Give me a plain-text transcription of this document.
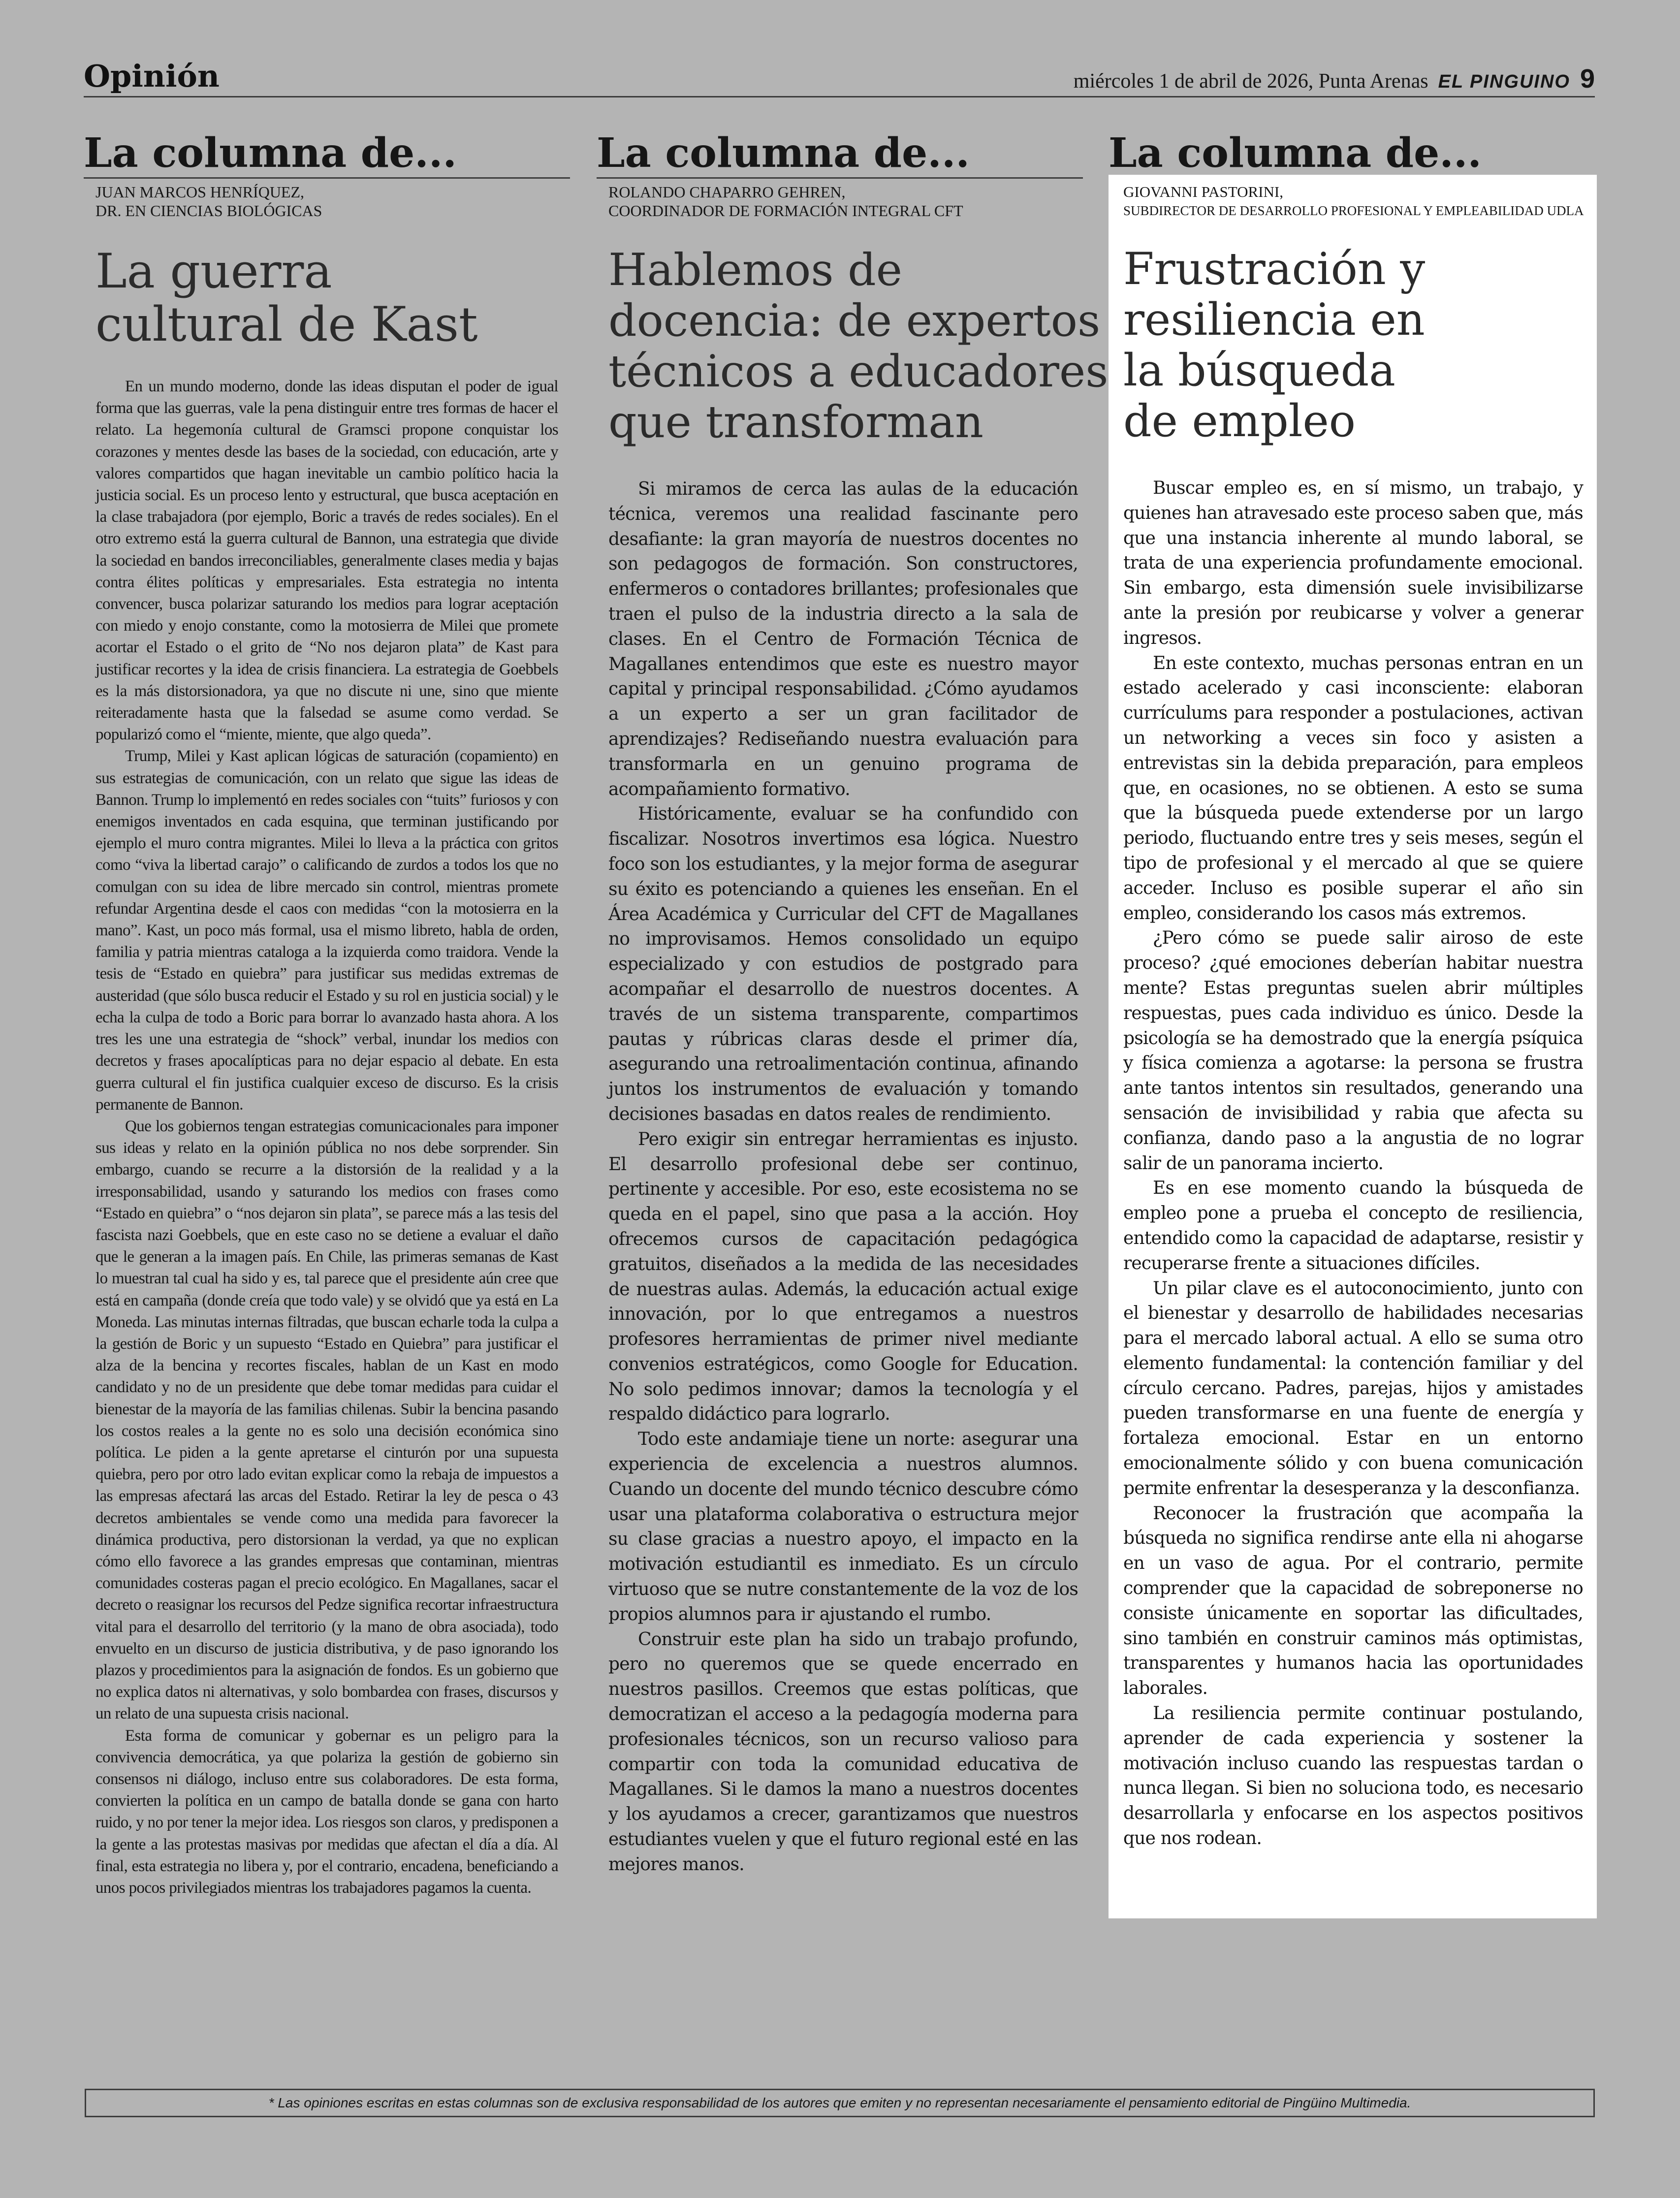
Opinión	miércoles 1 de abril de 2026, Punta Arenas EL PINGUINO 9
La columna de...
JUAN MARCOS HENRÍQUEZ,
DR. EN CIENCIAS BIOLÓGICAS
La guerra
cultural de Kast

En un mundo moderno, donde las ideas disputan el poder de igual forma que las guerras, vale la pena distinguir entre tres formas de hacer el relato. La hegemonía cultural de Gramsci propone conquistar los corazones y mentes desde las bases de la sociedad, con educación, arte y valores compartidos que hagan inevitable un cambio político hacia la justicia social. Es un proceso lento y estructural, que busca aceptación en la clase trabajadora (por ejemplo, Boric a través de redes sociales). En el otro extremo está la guerra cultural de Bannon, una estrategia que divide la sociedad en bandos irreconciliables, generalmente clases media y bajas contra élites políticas y empresariales. Esta estrategia no intenta convencer, busca polarizar saturando los medios para lograr aceptación con miedo y enojo constante, como la motosierra de Milei que promete acortar el Estado o el grito de “No nos dejaron plata” de Kast para justificar recortes y la idea de crisis financiera. La estrategia de Goebbels es la más distorsionadora, ya que no discute ni une, sino que miente reiteradamente hasta que la falsedad se asume como verdad. Se popularizó como el “miente, miente, que algo queda”.

Trump, Milei y Kast aplican lógicas de saturación (copamiento) en sus estrategias de comunicación, con un relato que sigue las ideas de Bannon. Trump lo implementó en redes sociales con “tuits” furiosos y con enemigos inventados en cada esquina, que terminan justificando por ejemplo el muro contra migrantes. Milei lo lleva a la práctica con gritos como “viva la libertad carajo” o calificando de zurdos a todos los que no comulgan con su idea de libre mercado sin control, mientras promete refundar Argentina desde el caos con medidas “con la motosierra en la mano”. Kast, un poco más formal, usa el mismo libreto, habla de orden, familia y patria mientras cataloga a la izquierda como traidora. Vende la tesis de “Estado en quiebra” para justificar sus medidas extremas de austeridad (que sólo busca reducir el Estado y su rol en justicia social) y le echa la culpa de todo a Boric para borrar lo avanzado hasta ahora. A los tres les une una estrategia de “shock” verbal, inundar los medios con decretos y frases apocalípticas para no dejar espacio al debate. En esta guerra cultural el fin justifica cualquier exceso de discurso. Es la crisis permanente de Bannon.

Que los gobiernos tengan estrategias comunicacionales para imponer sus ideas y relato en la opinión pública no nos debe sorprender. Sin embargo, cuando se recurre a la distorsión de la realidad y a la irresponsabilidad, usando y saturando los medios con frases como “Estado en quiebra” o “nos dejaron sin plata”, se parece más a las tesis del fascista nazi Goebbels, que en este caso no se detiene a evaluar el daño que le generan a la imagen país. En Chile, las primeras semanas de Kast lo muestran tal cual ha sido y es, tal parece que el presidente aún cree que está en campaña (donde creía que todo vale) y se olvidó que ya está en La Moneda. Las minutas internas filtradas, que buscan echarle toda la culpa a la gestión de Boric y un supuesto “Estado en Quiebra” para justificar el alza de la bencina y recortes fiscales, hablan de un Kast en modo candidato y no de un presidente que debe tomar medidas para cuidar el bienestar de la mayoría de las familias chilenas. Subir la bencina pasando los costos reales a la gente no es solo una decisión económica sino política. Le piden a la gente apretarse el cinturón por una supuesta quiebra, pero por otro lado evitan explicar como la rebaja de impuestos a las empresas afectará las arcas del Estado. Retirar la ley de pesca o 43 decretos ambientales se vende como una medida para favorecer la dinámica productiva, pero distorsionan la verdad, ya que no explican cómo ello favorece a las grandes empresas que contaminan, mientras comunidades costeras pagan el precio ecológico. En Magallanes, sacar el decreto o reasignar los recursos del Pedze significa recortar infraestructura vital para el desarrollo del territorio (y la mano de obra asociada), todo envuelto en un discurso de justicia distributiva, y de paso ignorando los plazos y procedimientos para la asignación de fondos. Es un gobierno que no explica datos ni alternativas, y solo bombardea con frases, discursos y un relato de una supuesta crisis nacional.

Esta forma de comunicar y gobernar es un peligro para la convivencia democrática, ya que polariza la gestión de gobierno sin consensos ni diálogo, incluso entre sus colaboradores. De esta forma, convierten la política en un campo de batalla donde se gana con harto ruido, y no por tener la mejor idea. Los riesgos son claros, y predisponen a la gente a las protestas masivas por medidas que afectan el día a día. Al final, esta estrategia no libera y, por el contrario, encadena, beneficiando a unos pocos privilegiados mientras los trabajadores pagamos la cuenta.

La columna de...
ROLANDO CHAPARRO GEHREN,
COORDINADOR DE FORMACIÓN INTEGRAL CFT
Hablemos de
docencia: de expertos
técnicos a educadores
que transforman

Si miramos de cerca las aulas de la educación técnica, veremos una realidad fascinante pero desafiante: la gran mayoría de nuestros docentes no son pedagogos de formación. Son constructores, enfermeros o contadores brillantes; profesionales que traen el pulso de la industria directo a la sala de clases. En el Centro de Formación Técnica de Magallanes entendimos que este es nuestro mayor capital y principal responsabilidad. ¿Cómo ayudamos a un experto a ser un gran facilitador de aprendizajes? Rediseñando nuestra evaluación para transformarla en un genuino programa de acompañamiento formativo.

Históricamente, evaluar se ha confundido con fiscalizar. Nosotros invertimos esa lógica. Nuestro foco son los estudiantes, y la mejor forma de asegurar su éxito es potenciando a quienes les enseñan. En el Área Académica y Curricular del CFT de Magallanes no improvisamos. Hemos consolidado un equipo especializado y con estudios de postgrado para acompañar el desarrollo de nuestros docentes. A través de un sistema transparente, compartimos pautas y rúbricas claras desde el primer día, asegurando una retroalimentación continua, afinando juntos los instrumentos de evaluación y tomando decisiones basadas en datos reales de rendimiento.

Pero exigir sin entregar herramientas es injusto. El desarrollo profesional debe ser continuo, pertinente y accesible. Por eso, este ecosistema no se queda en el papel, sino que pasa a la acción. Hoy ofrecemos cursos de capacitación pedagógica gratuitos, diseñados a la medida de las necesidades de nuestras aulas. Además, la educación actual exige innovación, por lo que entregamos a nuestros profesores herramientas de primer nivel mediante convenios estratégicos, como Google for Education. No solo pedimos innovar; damos la tecnología y el respaldo didáctico para lograrlo.

Todo este andamiaje tiene un norte: asegurar una experiencia de excelencia a nuestros alumnos. Cuando un docente del mundo técnico descubre cómo usar una plataforma colaborativa o estructura mejor su clase gracias a nuestro apoyo, el impacto en la motivación estudiantil es inmediato. Es un círculo virtuoso que se nutre constantemente de la voz de los propios alumnos para ir ajustando el rumbo.

Construir este plan ha sido un trabajo profundo, pero no queremos que se quede encerrado en nuestros pasillos. Creemos que estas políticas, que democratizan el acceso a la pedagogía moderna para profesionales técnicos, son un recurso valioso para compartir con toda la comunidad educativa de Magallanes. Si le damos la mano a nuestros docentes y los ayudamos a crecer, garantizamos que nuestros estudiantes vuelen y que el futuro regional esté en las mejores manos.

La columna de...
GIOVANNI PASTORINI,
SUBDIRECTOR DE DESARROLLO PROFESIONAL Y EMPLEABILIDAD UDLA
Frustración y
resiliencia en
la búsqueda
de empleo

Buscar empleo es, en sí mismo, un trabajo, y quienes han atravesado este proceso saben que, más que una instancia inherente al mundo laboral, se trata de una experiencia profundamente emocional. Sin embargo, esta dimensión suele invisibilizarse ante la presión por reubicarse y volver a generar ingresos.

En este contexto, muchas personas entran en un estado acelerado y casi inconsciente: elaboran currículums para responder a postulaciones, activan un networking a veces sin foco y asisten a entrevistas sin la debida preparación, para empleos que, en ocasiones, no se obtienen. A esto se suma que la búsqueda puede extenderse por un largo periodo, fluctuando entre tres y seis meses, según el tipo de profesional y el mercado al que se quiere acceder. Incluso es posible superar el año sin empleo, considerando los casos más extremos.

¿Pero cómo se puede salir airoso de este proceso? ¿qué emociones deberían habitar nuestra mente? Estas preguntas suelen abrir múltiples respuestas, pues cada individuo es único. Desde la psicología se ha demostrado que la energía psíquica y física comienza a agotarse: la persona se frustra ante tantos intentos sin resultados, generando una sensación de invisibilidad y rabia que afecta su confianza, dando paso a la angustia de no lograr salir de un panorama incierto.

Es en ese momento cuando la búsqueda de empleo pone a prueba el concepto de resiliencia, entendido como la capacidad de adaptarse, resistir y recuperarse frente a situaciones difíciles.

Un pilar clave es el autoconocimiento, junto con el bienestar y desarrollo de habilidades necesarias para el mercado laboral actual. A ello se suma otro elemento fundamental: la contención familiar y del círculo cercano. Padres, parejas, hijos y amistades pueden transformarse en una fuente de energía y fortaleza emocional. Estar en un entorno emocionalmente sólido y con buena comunicación permite enfrentar la desesperanza y la desconfianza.

Reconocer la frustración que acompaña la búsqueda no significa rendirse ante ella ni ahogarse en un vaso de agua. Por el contrario, permite comprender que la capacidad de sobreponerse no consiste únicamente en soportar las dificultades, sino también en construir caminos más optimistas, transparentes y humanos hacia las oportunidades laborales.

La resiliencia permite continuar postulando, aprender de cada experiencia y sostener la motivación incluso cuando las respuestas tardan o nunca llegan. Si bien no soluciona todo, es necesario desarrollarla y enfocarse en los aspectos positivos que nos rodean.

* Las opiniones escritas en estas columnas son de exclusiva responsabilidad de los autores que emiten y no representan necesariamente el pensamiento editorial de Pingüino Multimedia.
